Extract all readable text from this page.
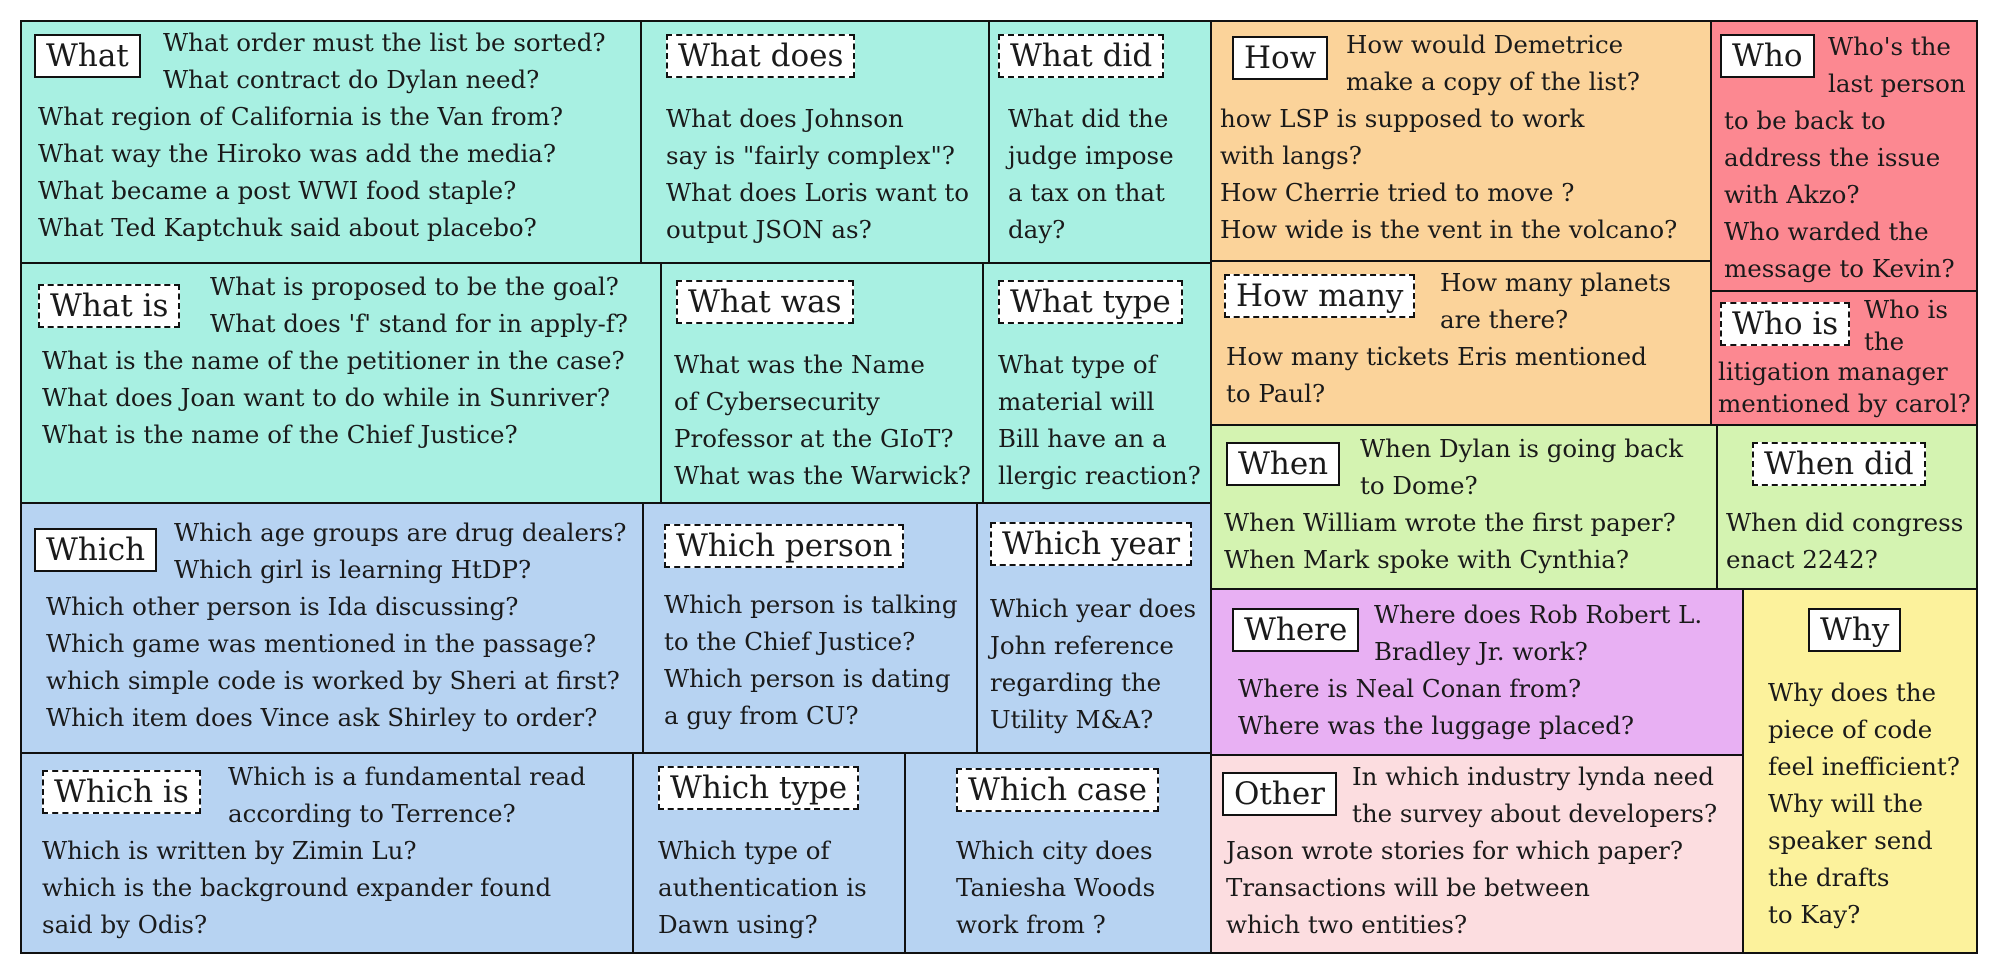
What	What order must the list be sorted?
What contract do Dylan need?
What region of California is the Van from?
What way the Hiroko was add the media?
What became a post WWI food staple?
What Ted Kaptchuk said about placebo?
What does
What does Johnson
say is "fairly complex"?
What does Loris want to
output JSON as?
What did
What did the
judge impose
a tax on that
day?
What is
What is proposed to be the goal?
What does 'f' stand for in apply-f?
What is the name of the petitioner in the case?
What does Joan want to do while in Sunriver?
What is the name of the Chief Justice?
What was
What was the Name
of Cybersecurity
Professor at the GIoT?
What was the Warwick?
What type
What type of
material will
Bill have an a
llergic reaction?
Which	Which age groups are drug dealers?
Which girl is learning HtDP?
Which other person is Ida discussing?
Which game was mentioned in the passage?
which simple code is worked by Sheri at first?
Which item does Vince ask Shirley to order?
Which person
Which person is talking
to the Chief Justice?
Which person is dating
a guy from CU?
Which year
Which year does
John reference
regarding the
Utility M&A?
Which is	Which is a fundamental read
according to Terrence?
Which is written by Zimin Lu?
which is the background expander found
said by Odis?
Which type
Which type of
authentication is
Dawn using?
Which case
Which city does
Taniesha Woods
work from ?
How	How would Demetrice
make a copy of the list?
how LSP is supposed to work
with langs?
How Cherrie tried to move ?
How wide is the vent in the volcano?
How many	How many planets
are there?
How many tickets Eris mentioned
to Paul?
Who	Who's the
last person
to be back to
address the issue
with Akzo?
Who warded the
message to Kevin?
Who is	Who is
the
litigation manager
mentioned by carol?
When	When Dylan is going back
to Dome?
When William wrote the first paper?
When Mark spoke with Cynthia?
When did
When did congress
enact 2242?
Where	Where does Rob Robert L.
Bradley Jr. work?
Where is Neal Conan from?
Where was the luggage placed?
Other	In which industry lynda need
the survey about developers?
Jason wrote stories for which paper?
Transactions will be between
which two entities?
Why
Why does the
piece of code
feel inefficient?
Why will the
speaker send
the drafts
to Kay?
